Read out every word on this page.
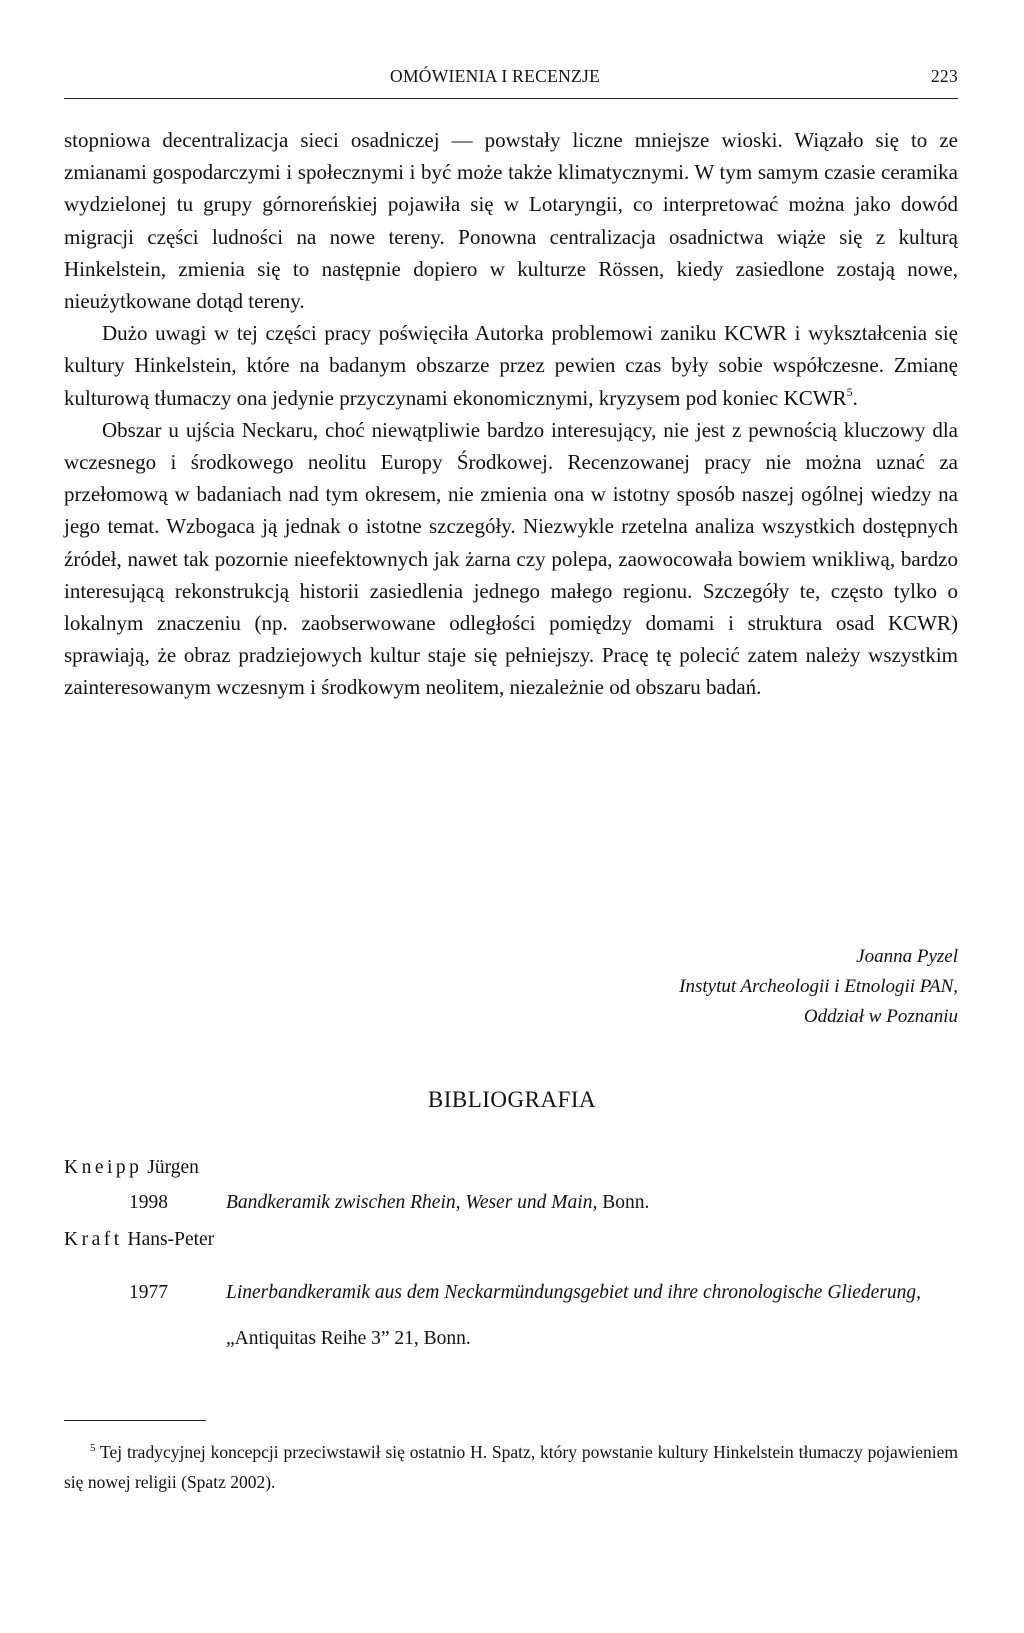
OMÓWIENIA I RECENZJE	223

stopniowa decentralizacja sieci osadniczej — powstały liczne mniejsze wioski. Wiązało się to ze zmianami gospodarczymi i społecznymi i być może także klimatycznymi. W tym samym czasie ceramika wydzielonej tu grupy górnoreńskiej pojawiła się w Lotaryngii, co interpretować można jako dowód migracji części ludności na nowe tereny. Ponowna centralizacja osadnictwa wiąże się z kulturą Hinkelstein, zmienia się to następnie dopiero w kulturze Rössen, kiedy zasiedlone zostają nowe, nieużytkowane dotąd tereny.

Dużo uwagi w tej części pracy poświęciła Autorka problemowi zaniku KCWR i wykształcenia się kultury Hinkelstein, które na badanym obszarze przez pewien czas były sobie współczesne. Zmianę kulturową tłumaczy ona jedynie przyczynami ekonomicznymi, kryzysem pod koniec KCWR$^5$.

Obszar u ujścia Neckaru, choć niewątpliwie bardzo interesujący, nie jest z pewnością kluczowy dla wczesnego i środkowego neolitu Europy Środkowej. Recenzowanej pracy nie można uznać za przełomową w badaniach nad tym okresem, nie zmienia ona w istotny sposób naszej ogólnej wiedzy na jego temat. Wzbogaca ją jednak o istotne szczegóły. Niezwykle rzetelna analiza wszystkich dostępnych źródeł, nawet tak pozornie nieefektownych jak żarna czy polepa, zaowocowała bowiem wnikliwą, bardzo interesującą rekonstrukcją historii zasiedlenia jednego małego regionu. Szczegóły te, często tylko o lokalnym znaczeniu (np. zaobserwowane odległości pomiędzy domami i struktura osad KCWR) sprawiają, że obraz pradziejowych kultur staje się pełniejszy. Pracę tę polecić zatem należy wszystkim zainteresowanym wczesnym i środkowym neolitem, niezależnie od obszaru badań.

Joanna Pyzel
Instytut Archeologii i Etnologii PAN,
Oddział w Poznaniu
BIBLIOGRAFIA
Kneipp Jürgen
1998	Bandkeramik zwischen Rhein, Weser und Main, Bonn.
Kraft Hans-Peter
1977	Linerbandkeramik aus dem Neckarmündungsgebiet und ihre chronologische Gliederung, „Antiquitas Reihe 3” 21, Bonn.
$^5$ Tej tradycyjnej koncepcji przeciwstawił się ostatnio H. Spatz, który powstanie kultury Hinkelstein tłumaczy pojawieniem się nowej religii (Spatz 2002).
